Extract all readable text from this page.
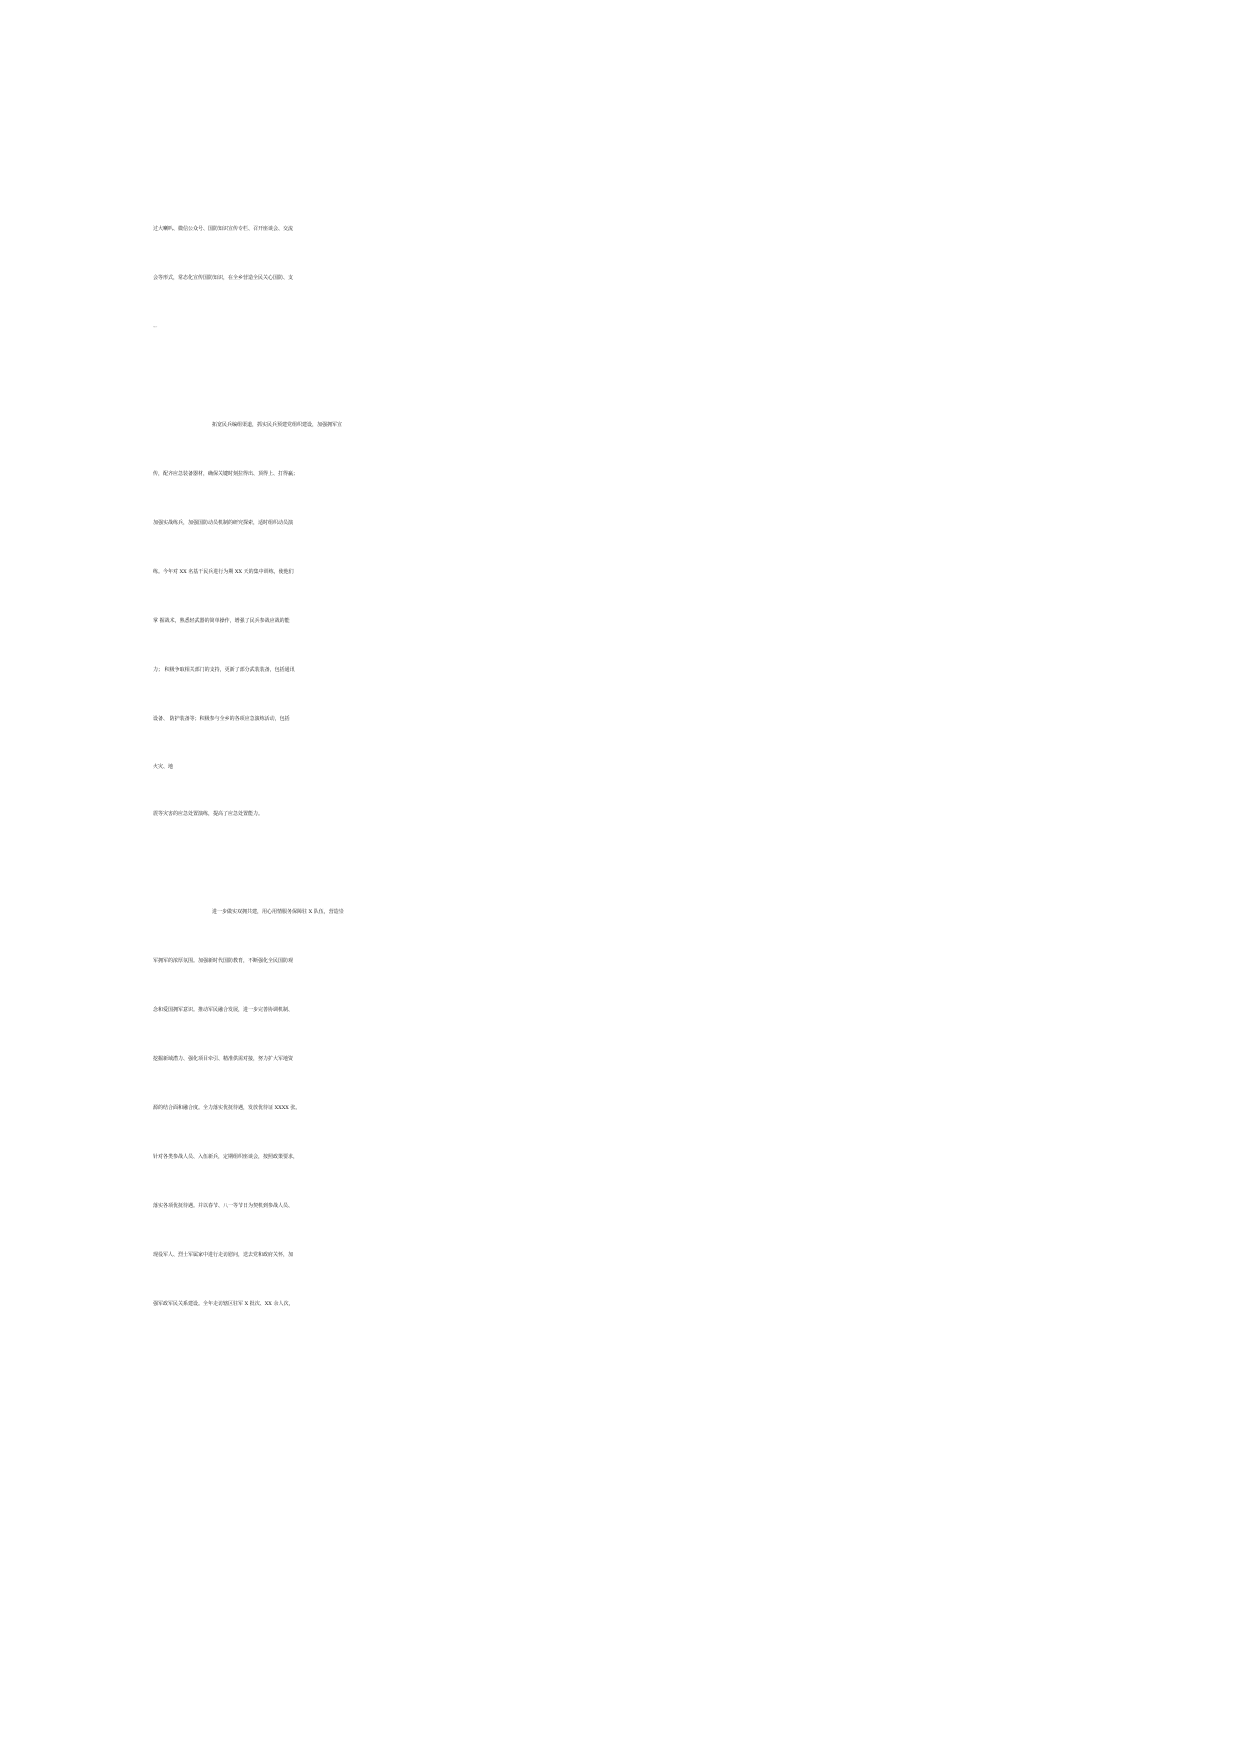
过大喇叭、微信公众号、国防知识宣传专栏、召开座谈会、交流
会等形式，常态化宣传国防知识，在全乡营造全民关心国防、支
拓宽民兵编组渠道，抓实民兵预建党组织建设，加强拥军宣
传，配齐应急装备器材，确保关键时刻拉得出、顶得上、打得赢；
加强实战练兵，加强国防动员机制的研究探索，适时组织动员演
练。今年对 XX 名基干民兵进行为期 XX 天的集中训练，使他们
掌 握战术，熟悉轻武器的简单操作，增强了民兵参战应战的能
力； 积极争取相关部门的支持，更新了部分武装装备，包括通讯
设备、 防护装备等；积极参与全乡的各项应急演练活动，包括
火灾、地
震等灾害的应急处置演练，提高了应急处置能力。
进一步做实双拥共建，用心用情服务保障驻 X 队伍，营造崇
军拥军的浓厚氛围。加强新时代国防教育，不断强化全民国防观
念和爱国拥军意识。推动军民融合发展，进一步完善协调机制、
挖掘新域潜力、强化项目牵引、精准供需对接，努力扩大军地资
源的结合面和融合度。全力落实优抚待遇，发放优待证 XXXX 张。
针对各类参战人员、入伍新兵，定期组织座谈会，按照政策要求，
落实各项优抚待遇。并以春节、八一等节日为契机到参战人员、
现役军人、烈士军属家中进行走访慰问，送去党和政府关怀，加
强军政军民关系建设。全年走访辖区驻军 X 批次、XX 余人次，
